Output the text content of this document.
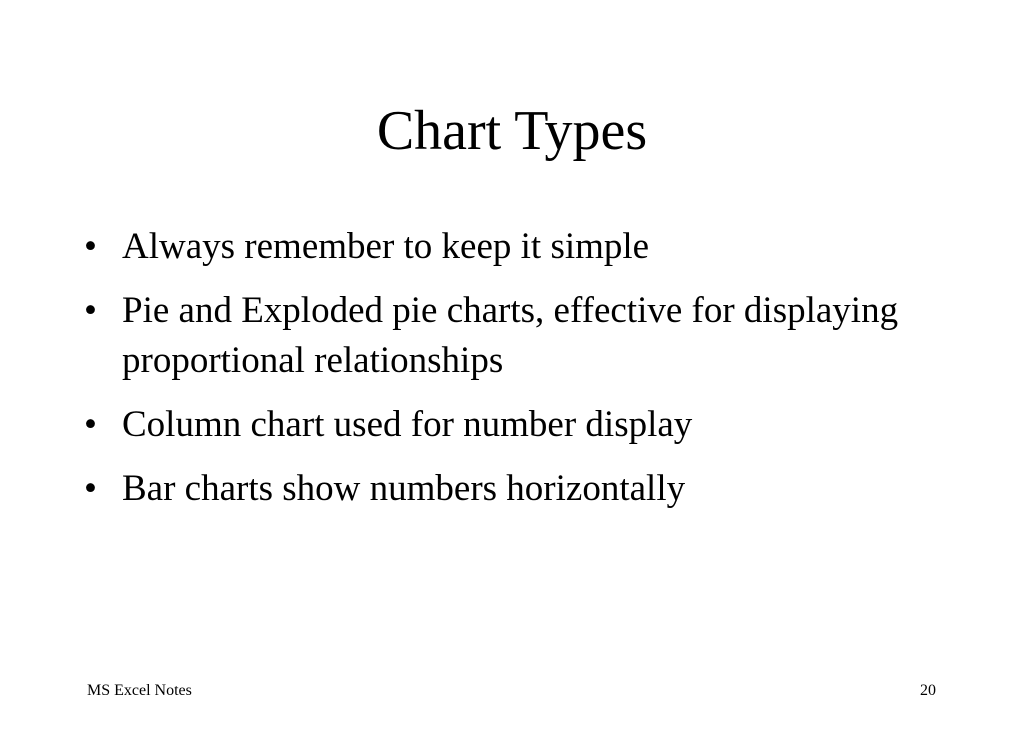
Chart Types
• Always remember to keep it simple
• Pie and Exploded pie charts, effective for displaying proportional relationships
• Column chart used for number display
• Bar charts show numbers horizontally
MS Excel Notes	20
